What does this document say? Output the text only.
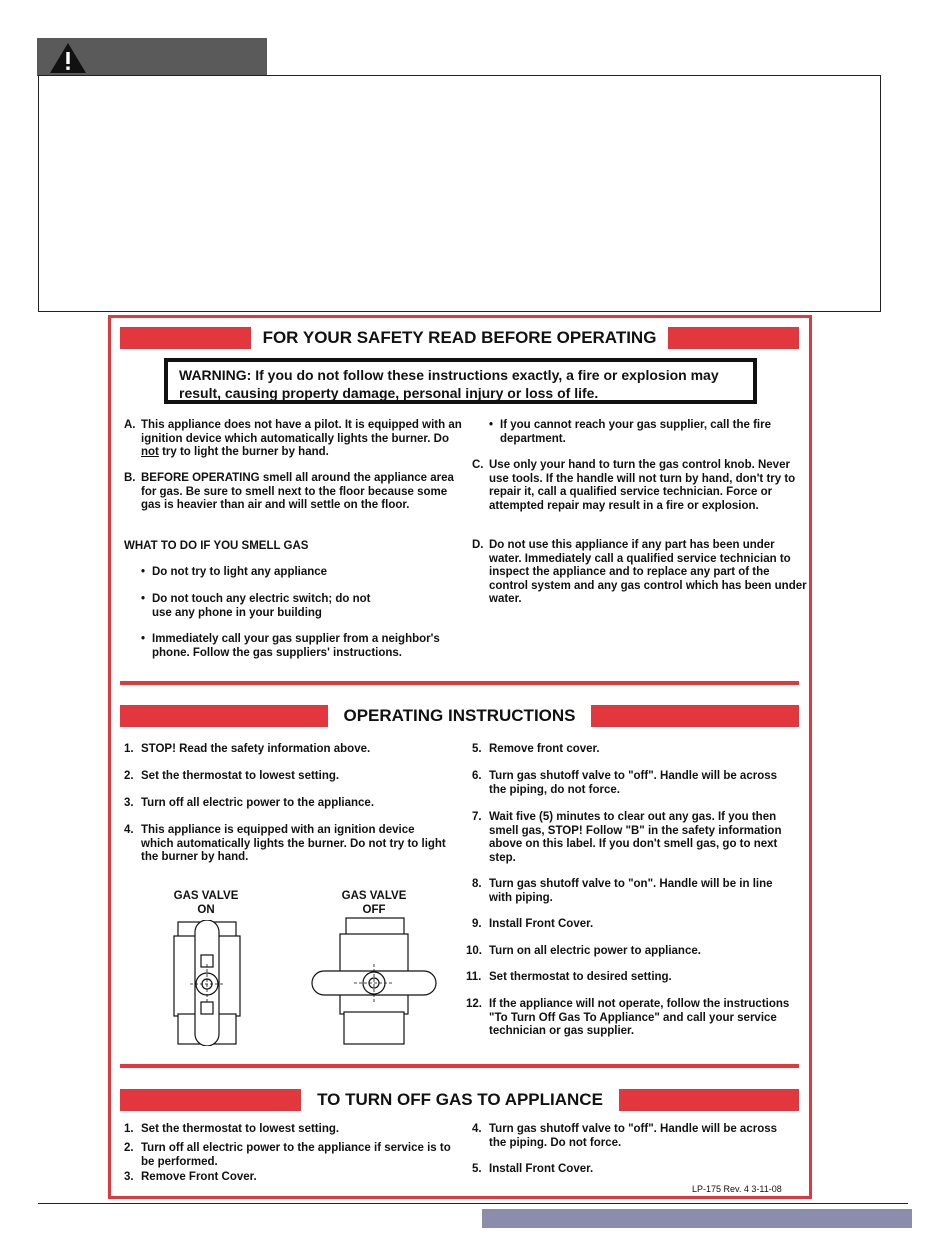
FOR YOUR SAFETY READ BEFORE OPERATING
WARNING: If you do not follow these instructions exactly, a fire or explosion may result, causing property damage, personal injury or loss of life.
A. This appliance does not have a pilot. It is equipped with an ignition device which automatically lights the burner. Do not try to light the burner by hand.
B. BEFORE OPERATING smell all around the appliance area for gas. Be sure to smell next to the floor because some gas is heavier than air and will settle on the floor.
WHAT TO DO IF YOU SMELL GAS
• Do not try to light any appliance
• Do not touch any electric switch; do not use any phone in your building
• Immediately call your gas supplier from a neighbor's phone. Follow the gas suppliers' instructions.
• If you cannot reach your gas supplier, call the fire department.
C. Use only your hand to turn the gas control knob. Never use tools. If the handle will not turn by hand, don't try to repair it, call a qualified service technician. Force or attempted repair may result in a fire or explosion.
D. Do not use this appliance if any part has been under water. Immediately call a qualified service technician to inspect the appliance and to replace any part of the control system and any gas control which has been under water.
OPERATING INSTRUCTIONS
1. STOP! Read the safety information above.
2. Set the thermostat to lowest setting.
3. Turn off all electric power to the appliance.
4. This appliance is equipped with an ignition device which automatically lights the burner. Do not try to light the burner by hand.
GAS VALVE
ON
GAS VALVE
OFF
5. Remove front cover.
6. Turn gas shutoff valve to "off". Handle will be across the piping, do not force.
7. Wait five (5) minutes to clear out any gas. If you then smell gas, STOP! Follow "B" in the safety information above on this label. If you don't smell gas, go to next step.
8. Turn gas shutoff valve to "on". Handle will be in line with piping.
9. Install Front Cover.
10. Turn on all electric power to appliance.
11. Set thermostat to desired setting.
12. If the appliance will not operate, follow the instructions "To Turn Off Gas To Appliance" and call your service technician or gas supplier.
TO TURN OFF GAS TO APPLIANCE
1. Set the thermostat to lowest setting.
2. Turn off all electric power to the appliance if service is to be performed.
3. Remove Front Cover.
4. Turn gas shutoff valve to "off". Handle will be across the piping. Do not force.
5. Install Front Cover.
LP-175 Rev. 4 3-11-08
